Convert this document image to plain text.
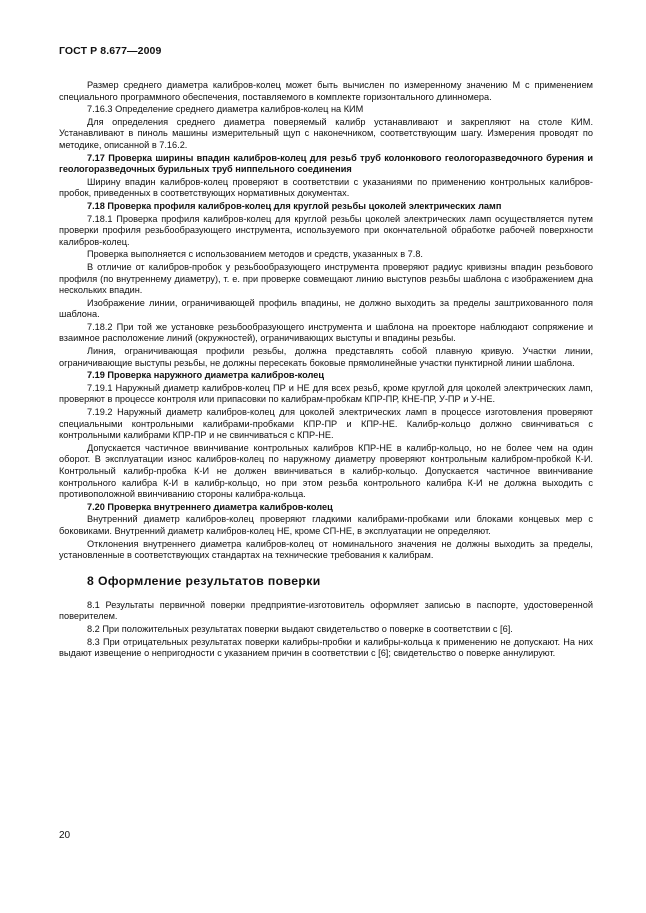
ГОСТ Р 8.677—2009

Размер среднего диаметра калибров-колец может быть вычислен по измеренному значению М с применением специального программного обеспечения, поставляемого в комплекте горизонтального длинномера.

7.16.3 Определение среднего диаметра калибров-колец на КИМ

Для определения среднего диаметра поверяемый калибр устанавливают и закрепляют на столе КИМ. Устанавливают в пиноль машины измерительный щуп с наконечником, соответствующим шагу. Измерения проводят по методике, описанной в 7.16.2.

7.17 Проверка ширины впадин калибров-колец для резьб труб колонкового геологоразведочного бурения и геологоразведочных бурильных труб ниппельного соединения

Ширину впадин калибров-колец проверяют в соответствии с указаниями по применению контрольных калибров-пробок, приведенных в соответствующих нормативных документах.

7.18 Проверка профиля калибров-колец для круглой резьбы цоколей электрических ламп

7.18.1 Проверка профиля калибров-колец для круглой резьбы цоколей электрических ламп осуществляется путем проверки профиля резьбообразующего инструмента, используемого при окончательной обработке рабочей поверхности калибров-колец.

Проверка выполняется с использованием методов и средств, указанных в 7.8.

В отличие от калибров-пробок у резьбообразующего инструмента проверяют радиус кривизны впадин резьбового профиля (по внутреннему диаметру), т. е. при проверке совмещают линию выступов резьбы шаблона с изображением дна нескольких впадин.

Изображение линии, ограничивающей профиль впадины, не должно выходить за пределы заштрихованного поля шаблона.

7.18.2 При той же установке резьбообразующего инструмента и шаблона на проекторе наблюдают сопряжение и взаимное расположение линий (окружностей), ограничивающих выступы и впадины резьбы.

Линия, ограничивающая профили резьбы, должна представлять собой плавную кривую. Участки линии, ограничивающие выступы резьбы, не должны пересекать боковые прямолинейные участки пунктирной линии шаблона.

7.19 Проверка наружного диаметра калибров-колец

7.19.1 Наружный диаметр калибров-колец ПР и НЕ для всех резьб, кроме круглой для цоколей электрических ламп, проверяют в процессе контроля или припасовки по калибрам-пробкам КПР-ПР, КНЕ-ПР, У-ПР и У-НЕ.

7.19.2 Наружный диаметр калибров-колец для цоколей электрических ламп в процессе изготовления проверяют специальными контрольными калибрами-пробками КПР-ПР и КПР-НЕ. Калибр-кольцо должно свинчиваться с контрольными калибрами КПР-ПР и не свинчиваться с КПР-НЕ.

Допускается частичное ввинчивание контрольных калибров КПР-НЕ в калибр-кольцо, но не более чем на один оборот. В эксплуатации износ калибров-колец по наружному диаметру проверяют контрольным калибром-пробкой К-И. Контрольный калибр-пробка К-И не должен ввинчиваться в калибр-кольцо. Допускается частичное ввинчивание контрольного калибра К-И в калибр-кольцо, но при этом резьба контрольного калибра К-И не должна выходить с противоположной ввинчиванию стороны калибра-кольца.

7.20 Проверка внутреннего диаметра калибров-колец

Внутренний диаметр калибров-колец проверяют гладкими калибрами-пробками или блоками концевых мер с боковиками. Внутренний диаметр калибров-колец НЕ, кроме СП-НЕ, в эксплуатации не определяют.

Отклонения внутреннего диаметра калибров-колец от номинального значения не должны выходить за пределы, установленные в соответствующих стандартах на технические требования к калибрам.

8 Оформление результатов поверки

8.1 Результаты первичной поверки предприятие-изготовитель оформляет записью в паспорте, удостоверенной поверителем.

8.2 При положительных результатах поверки выдают свидетельство о поверке в соответствии с [6].

8.3 При отрицательных результатах поверки калибры-пробки и калибры-кольца к применению не допускают. На них выдают извещение о непригодности с указанием причин в соответствии с [6]; свидетельство о поверке аннулируют.

20
